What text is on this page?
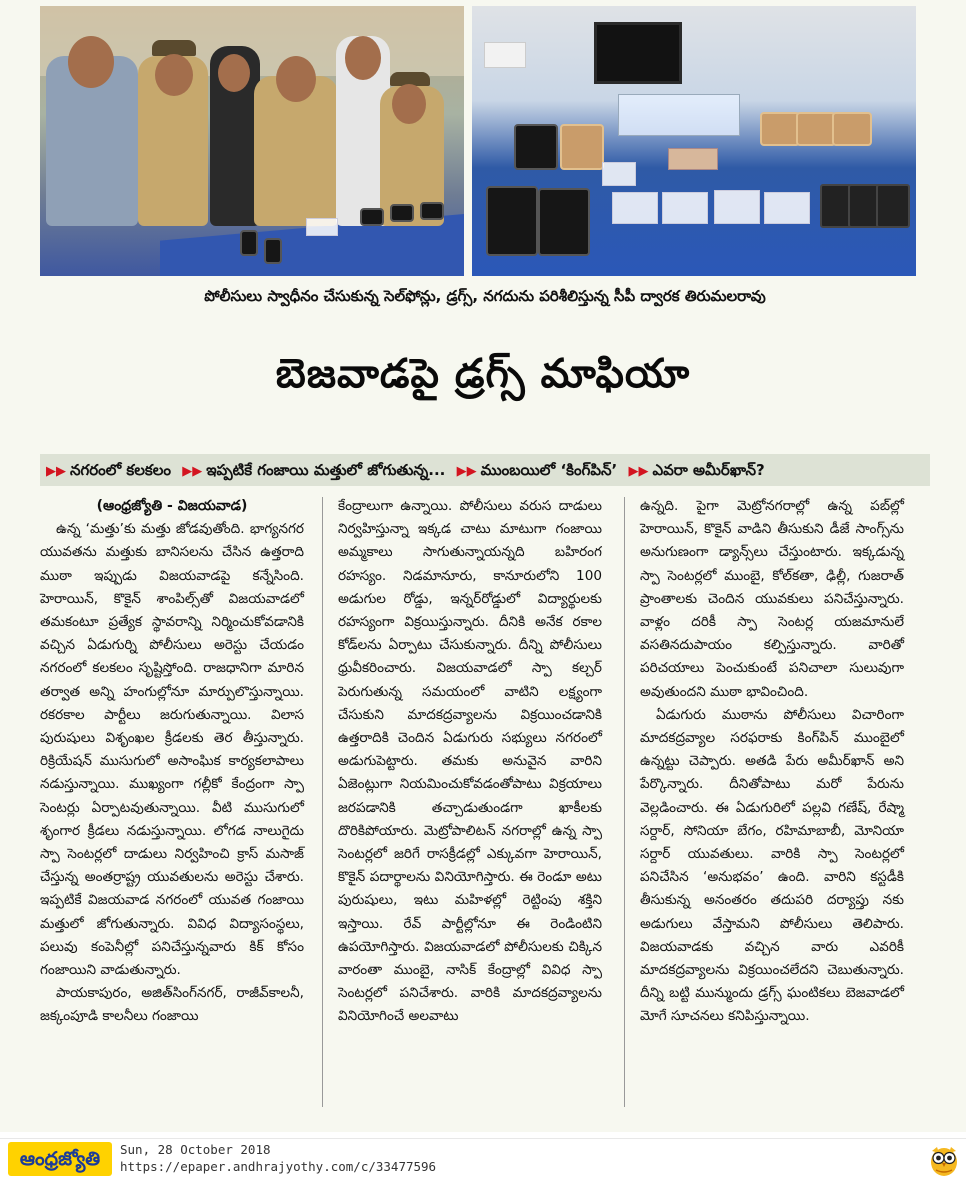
పోలీసులు స్వాధీనం చేసుకున్న సెల్‌ఫోన్లు, డ్రగ్స్‌, నగదును పరిశీలిస్తున్న సీపీ ద్వారక తిరుమలరావు
బెజవాడపై డ్రగ్స్‌ మాఫియా
▶▶ నగరంలో కలకలం ▶▶ ఇప్పటికే గంజాయి మత్తులో జోగుతున్న... ▶▶ ముంబయిలో ‘కింగ్‌పిన్‌’ ▶▶ ఎవరా అమీర్‌ఖాన్‌?
(ఆంధ్రజ్యోతి - విజయవాడ)

ఉన్న ‘మత్తు’కు మత్తు జోడవుతోంది. భాగ్యనగర యువతను మత్తుకు బానిసలను చేసిన ఉత్తరాది ముఠా ఇప్పుడు విజయవాడపై కన్నేసింది. హెరాయిన్‌, కొకైన్‌ శాంపిల్స్‌తో విజయవాడలో తమకంటూ ప్రత్యేక స్థావరాన్ని నిర్మించుకోవడానికి వచ్చిన ఏడుగుర్ని పోలీసులు అరెస్టు చేయడం నగరంలో కలకలం సృష్టిస్తోంది. రాజధానిగా మారిన తర్వాత అన్ని హంగుల్లోనూ మార్పులొస్తున్నాయి. రకరకాల పార్టీలు జరుగుతున్నాయి. విలాస పురుషులు విశృంఖల క్రీడలకు తెర తీస్తున్నారు. రిక్రియేషన్‌ ముసుగులో అసాంఘిక కార్యకలాపాలు నడుస్తున్నాయి. ముఖ్యంగా గల్లీకో కేంద్రంగా స్పా సెంటర్లు ఏర్పాటవుతున్నాయి. వీటి ముసుగులో శృంగార క్రీడలు నడుస్తున్నాయి. లోగడ నాలుగైదు స్పా సెంటర్లలో దాడులు నిర్వహించి క్రాస్‌ మసాజ్‌ చేస్తున్న అంతర్రాష్ట్ర యువతులను అరెస్టు చేశారు. ఇప్పటికే విజయవాడ నగరంలో యువత గంజాయి మత్తులో జోగుతున్నారు. వివిధ విద్యాసంస్థలు, పలువు కంపెనీల్లో పనిచేస్తున్నవారు కిక్‌ కోసం గంజాయిని వాడుతున్నారు.

పాయకాపురం, అజిత్‌సింగ్‌నగర్‌, రాజీవ్‌కాలనీ, జక్కంపూడి కాలనీలు గంజాయి

కేంద్రాలుగా ఉన్నాయి. పోలీసులు వరుస దాడులు నిర్వహిస్తున్నా ఇక్కడ చాటు మాటుగా గంజాయి అమ్మకాలు సాగుతున్నాయన్నది బహిరంగ రహస్యం. నిడమానూరు, కానూరులోని 100 అడుగుల రోడ్డు, ఇన్నర్‌రోడ్డులో విద్యార్థులకు రహస్యంగా విక్రయిస్తున్నారు. దీనికి అనేక రకాల కోడ్‌లను ఏర్పాటు చేసుకున్నారు. దీన్ని పోలీసులు ధ్రువీకరించారు. విజయవాడలో స్పా కల్చర్‌ పెరుగుతున్న సమయంలో వాటిని లక్ష్యంగా చేసుకుని మాదకద్రవ్యాలను విక్రయించడానికి ఉత్తరాదికి చెందిన ఏడుగురు సభ్యులు నగరంలో అడుగుపెట్టారు. తమకు అనువైన వారిని ఏజెంట్లుగా నియమించుకోవడంతోపాటు విక్రయాలు జరపడానికి తచ్చాడుతుండగా ఖాకీలకు దొరికిపోయారు. మెట్రోపాలిటన్‌ నగరాల్లో ఉన్న స్పా సెంటర్లలో జరిగే రాసక్రీడల్లో ఎక్కువగా హెరాయిన్‌, కొకైన్‌ పదార్థాలను వినియోగిస్తారు. ఈ రెండూ అటు పురుషులు, ఇటు మహిళల్లో రెట్టింపు శక్తిని ఇస్తాయి. రేవ్‌ పార్టీల్లోనూ ఈ రెండింటిని ఉపయోగిస్తారు. విజయవాడలో పోలీసులకు చిక్కిన వారంతా ముంబై, నాసిక్‌ కేంద్రాల్లో వివిధ స్పా సెంటర్లలో పనిచేశారు. వారికి మాదకద్రవ్యాలను వినియోగించే అలవాటు

ఉన్నది. పైగా మెట్రోనగరాల్లో ఉన్న పబ్‌ల్లో హెరాయిన్‌, కొకైన్‌ వాడిని తీసుకుని డీజే సాంగ్స్‌ను అనుగుణంగా డ్యాన్స్‌లు చేస్తుంటారు. ఇక్కడున్న స్పా సెంటర్లలో ముంబై, కోల్‌కతా, ఢిల్లీ, గుజరాత్‌ ప్రాంతాలకు చెందిన యువకులు పనిచేస్తున్నారు. వాళ్లం దరికీ స్పా సెంటర్ల యజమానులే వసతినదుపాయం కల్పిస్తున్నారు. వారితో పరిచయాలు పెంచుకుంటే పనిచాలా సులువుగా అవుతుందని ముఠా భావించింది.

ఏడుగురు ముఠాను పోలీసులు విచారింగా మాదకద్రవ్యాల సరఫరాకు కింగ్‌పిన్‌ ముంబైలో ఉన్నట్టు చెప్పారు. అతడి పేరు అమీర్‌ఖాన్‌ అని పేర్కొన్నారు. దీనితోపాటు మరో పేరును వెల్లడించారు. ఈ ఏడుగురిలో పల్లవి గణేష్‌, రేష్మా సర్దార్‌, సోనియా బేగం, రహిమాబాబీ, మోనియా సర్దార్‌ యువతులు. వారికి స్పా సెంటర్లలో పనిచేసిన ‘అనుభవం’ ఉంది. వారిని కస్టడీకి తీసుకున్న అనంతరం తదుపరి దర్యాప్తు నకు అడుగులు వేస్తామని పోలీసులు తెలిపారు. విజయవాడకు వచ్చిన వారు ఎవరికీ మాదకద్రవ్యాలను విక్రయించలేదని చెబుతున్నారు. దీన్ని బట్టి మున్ముందు డ్రగ్స్‌ ఘంటికలు బెజవాడలో మోగే సూచనలు కనిపిస్తున్నాయి.

ఆంధ్రజ్యోతి	Sun, 28 October 2018
https://epaper.andhrajyothy.com/c/33477596
